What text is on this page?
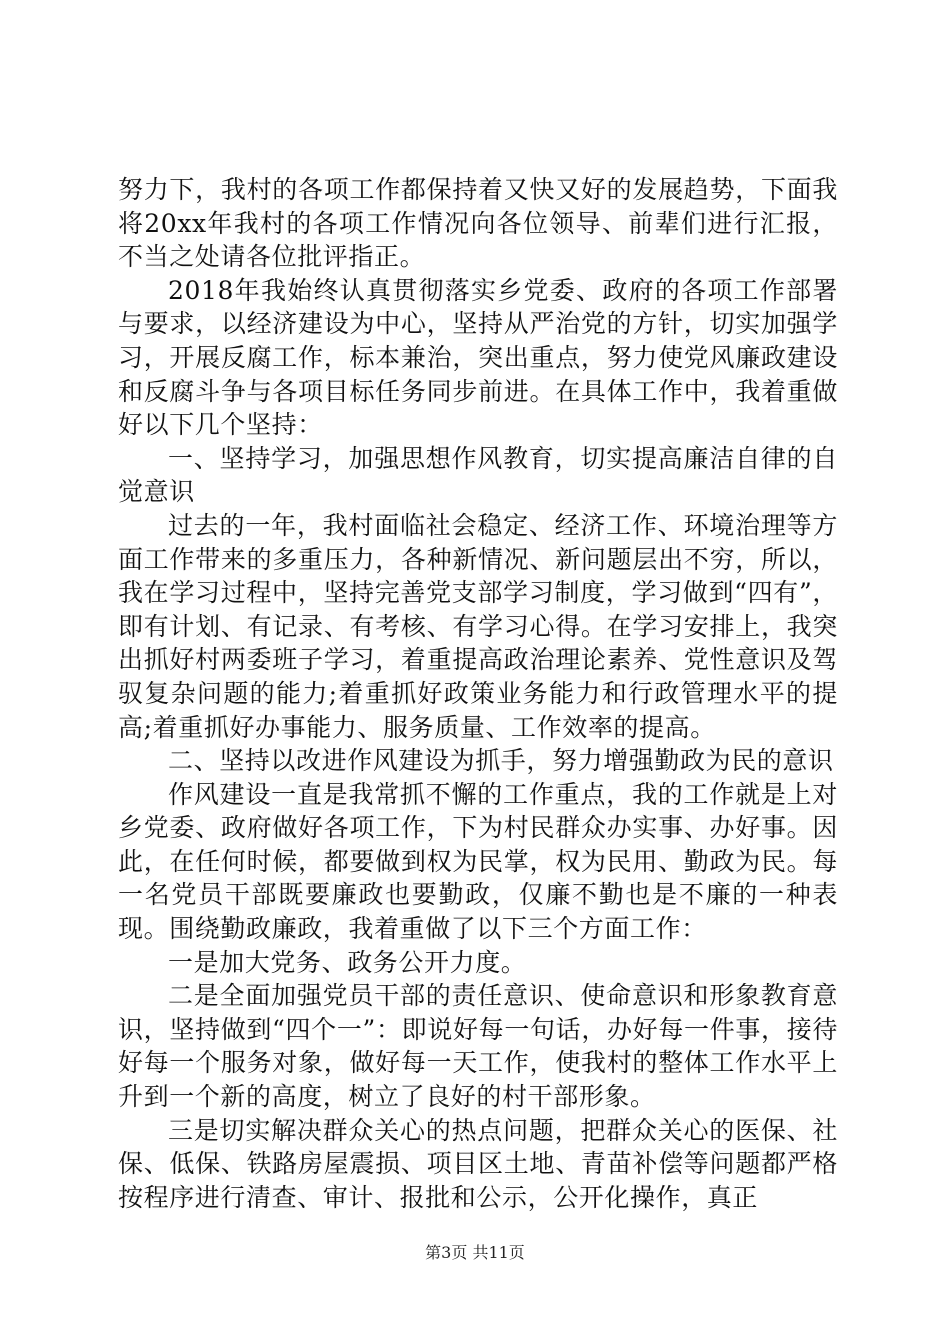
努力下，我村的各项工作都保持着又快又好的发展趋势，下面我将20xx年我村的各项工作情况向各位领导、前辈们进行汇报，不当之处请各位批评指正。

2018年我始终认真贯彻落实乡党委、政府的各项工作部署与要求，以经济建设为中心，坚持从严治党的方针，切实加强学习，开展反腐工作，标本兼治，突出重点，努力使党风廉政建设和反腐斗争与各项目标任务同步前进。在具体工作中，我着重做好以下几个坚持：

一、坚持学习，加强思想作风教育，切实提高廉洁自律的自觉意识

过去的一年，我村面临社会稳定、经济工作、环境治理等方面工作带来的多重压力，各种新情况、新问题层出不穷，所以，我在学习过程中，坚持完善党支部学习制度，学习做到“四有”，即有计划、有记录、有考核、有学习心得。在学习安排上，我突出抓好村两委班子学习，着重提高政治理论素养、党性意识及驾驭复杂问题的能力;着重抓好政策业务能力和行政管理水平的提高;着重抓好办事能力、服务质量、工作效率的提高。

二、坚持以改进作风建设为抓手，努力增强勤政为民的意识

作风建设一直是我常抓不懈的工作重点，我的工作就是上对乡党委、政府做好各项工作，下为村民群众办实事、办好事。因此，在任何时候，都要做到权为民掌，权为民用、勤政为民。每一名党员干部既要廉政也要勤政，仅廉不勤也是不廉的一种表现。围绕勤政廉政，我着重做了以下三个方面工作：

一是加大党务、政务公开力度。

二是全面加强党员干部的责任意识、使命意识和形象教育意识，坚持做到“四个一”：即说好每一句话，办好每一件事，接待好每一个服务对象，做好每一天工作，使我村的整体工作水平上升到一个新的高度，树立了良好的村干部形象。

三是切实解决群众关心的热点问题，把群众关心的医保、社保、低保、铁路房屋震损、项目区土地、青苗补偿等问题都严格按程序进行清查、审计、报批和公示，公开化操作，真正

第3页 共11页
